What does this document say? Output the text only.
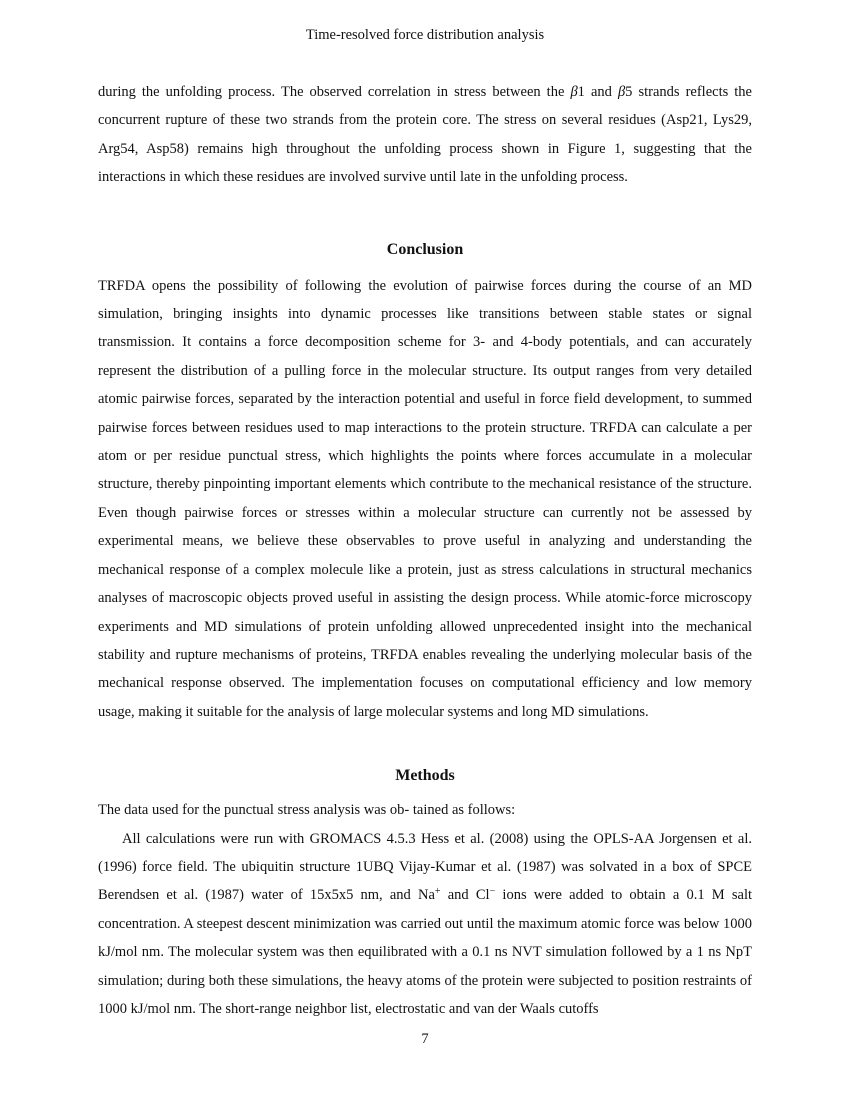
Time-resolved force distribution analysis

during the unfolding process. The observed correlation in stress between the β1 and β5 strands reflects the concurrent rupture of these two strands from the protein core. The stress on several residues (Asp21, Lys29, Arg54, Asp58) remains high throughout the unfolding process shown in Figure 1, suggesting that the interactions in which these residues are involved survive until late in the unfolding process.

Conclusion

TRFDA opens the possibility of following the evolution of pairwise forces during the course of an MD simulation, bringing insights into dynamic processes like transitions between stable states or signal transmission. It contains a force decomposition scheme for 3- and 4-body potentials, and can accurately represent the distribution of a pulling force in the molecular structure. Its output ranges from very detailed atomic pairwise forces, separated by the interaction potential and useful in force field development, to summed pairwise forces between residues used to map interactions to the protein structure. TRFDA can calculate a per atom or per residue punctual stress, which highlights the points where forces accumulate in a molecular structure, thereby pinpointing important elements which contribute to the mechanical resistance of the structure. Even though pairwise forces or stresses within a molecular structure can currently not be assessed by experimental means, we believe these observables to prove useful in analyzing and understanding the mechanical response of a complex molecule like a protein, just as stress calculations in structural mechanics analyses of macroscopic objects proved useful in assisting the design process. While atomic-force microscopy experiments and MD simulations of protein unfolding allowed unprecedented insight into the mechanical stability and rupture mechanisms of proteins, TRFDA enables revealing the underlying molecular basis of the mechanical response observed. The implementation focuses on computational efficiency and low memory usage, making it suitable for the analysis of large molecular systems and long MD simulations.

Methods

The data used for the punctual stress analysis was ob- tained as follows:

All calculations were run with GROMACS 4.5.3 Hess et al. (2008) using the OPLS-AA Jorgensen et al. (1996) force field. The ubiquitin structure 1UBQ Vijay-Kumar et al. (1987) was solvated in a box of SPCE Berendsen et al. (1987) water of 15x5x5 nm, and Na+ and Cl− ions were added to obtain a 0.1 M salt concentration. A steepest descent minimization was carried out until the maximum atomic force was below 1000 kJ/mol nm. The molecular system was then equilibrated with a 0.1 ns NVT simulation followed by a 1 ns NpT simulation; during both these simulations, the heavy atoms of the protein were subjected to position restraints of 1000 kJ/mol nm. The short-range neighbor list, electrostatic and van der Waals cutoffs

7
